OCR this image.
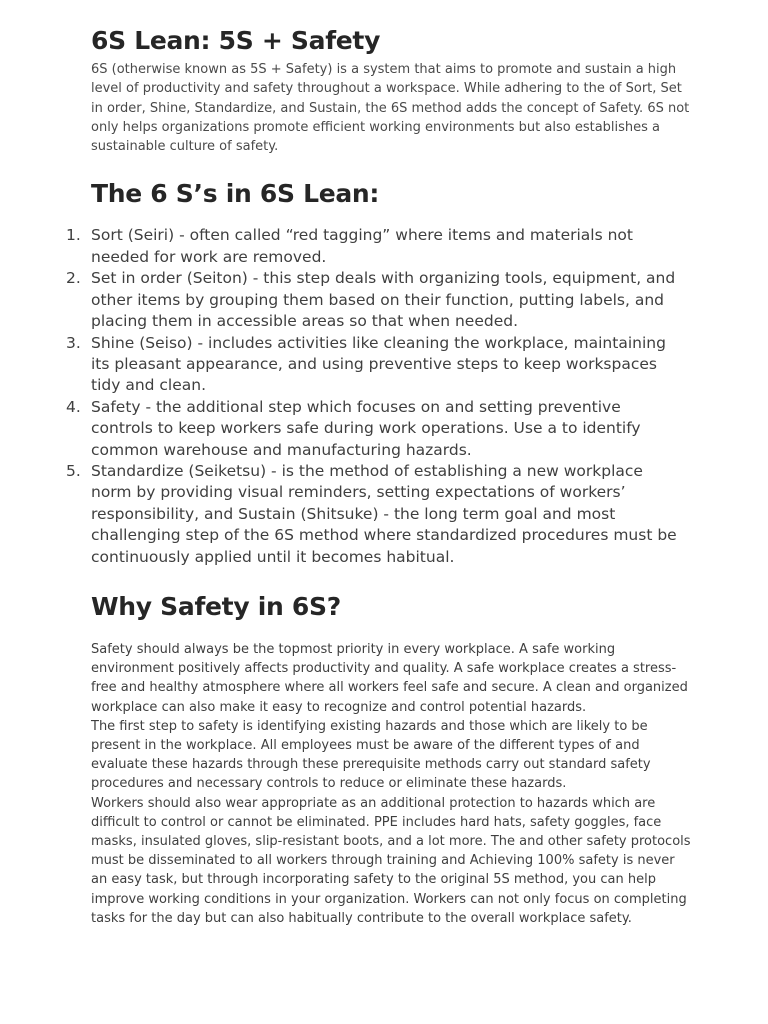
6S Lean: 5S + Safety

6S (otherwise known as 5S + Safety) is a system that aims to promote and sustain a high level of productivity and safety throughout a workspace. While adhering to the of Sort, Set in order, Shine, Standardize, and Sustain, the 6S method adds the concept of Safety. 6S not only helps organizations promote efficient working environments but also establishes a sustainable culture of safety.

The 6 S’s in 6S Lean:
1. Sort (Seiri) - often called “red tagging” where items and materials not needed for work are removed.
2. Set in order (Seiton) - this step deals with organizing tools, equipment, and other items by grouping them based on their function, putting labels, and placing them in accessible areas so that when needed.
3. Shine (Seiso) - includes activities like cleaning the workplace, maintaining its pleasant appearance, and using preventive steps to keep workspaces tidy and clean.
4. Safety - the additional step which focuses on and setting preventive controls to keep workers safe during work operations. Use a to identify common warehouse and manufacturing hazards.
5. Standardize (Seiketsu) - is the method of establishing a new workplace norm by providing visual reminders, setting expectations of workers’ responsibility, and Sustain (Shitsuke) - the long term goal and most challenging step of the 6S method where standardized procedures must be continuously applied until it becomes habitual.
Why Safety in 6S?

Safety should always be the topmost priority in every workplace. A safe working environment positively affects productivity and quality. A safe workplace creates a stress-free and healthy atmosphere where all workers feel safe and secure. A clean and organized workplace can also make it easy to recognize and control potential hazards.

The first step to safety is identifying existing hazards and those which are likely to be present in the workplace. All employees must be aware of the different types of and evaluate these hazards through these prerequisite methods carry out standard safety procedures and necessary controls to reduce or eliminate these hazards.

Workers should also wear appropriate as an additional protection to hazards which are difficult to control or cannot be eliminated. PPE includes hard hats, safety goggles, face masks, insulated gloves, slip-resistant boots, and a lot more. The and other safety protocols must be disseminated to all workers through training and Achieving 100% safety is never an easy task, but through incorporating safety to the original 5S method, you can help improve working conditions in your organization. Workers can not only focus on completing tasks for the day but can also habitually contribute to the overall workplace safety.
